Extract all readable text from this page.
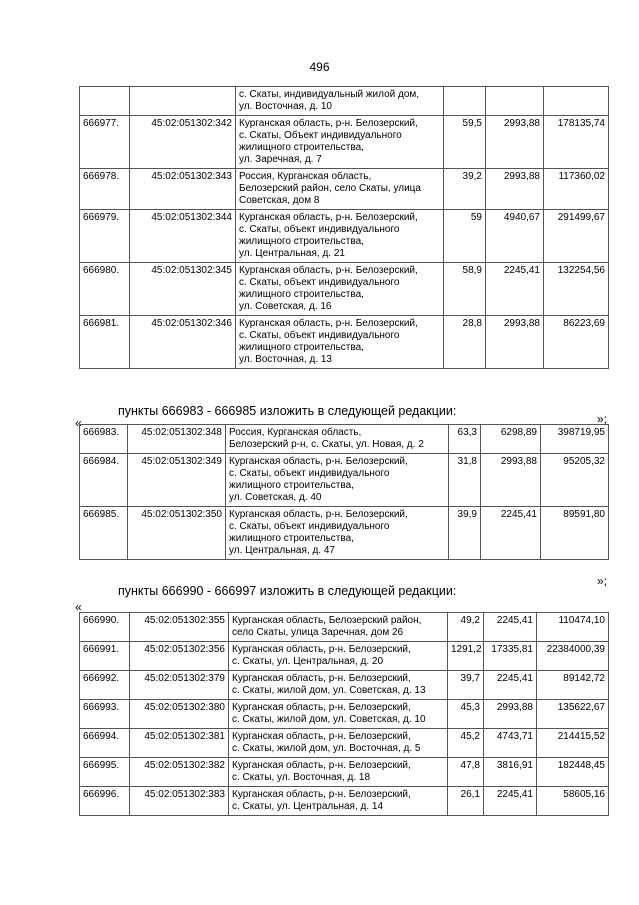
496

		с. Скаты, индивидуальный жилой дом,
ул. Восточная, д. 10			

666977.	45:02:051302:342	Курганская область, р-н. Белозерский,
с. Скаты, Объект индивидуального
жилищного строительства,
ул. Заречная, д. 7	59,5	2993,88	178135,74
666978.	45:02:051302:343	Россия, Курганская область,
Белозерский район, село Скаты, улица
Советская, дом 8	39,2	2993,88	117360,02
666979.	45:02:051302:344	Курганская область, р-н. Белозерский,
с. Скаты, объект индивидуального
жилищного строительства,
ул. Центральная, д. 21	59	4940,67	291499,67
666980.	45:02:051302:345	Курганская область, р-н. Белозерский,
с. Скаты, объект индивидуального
жилищного строительства,
ул. Советская, д. 16	58,9	2245,41	132254,56
666981.	45:02:051302:346	Курганская область, р-н. Белозерский,
с. Скаты, объект индивидуального
жилищного строительства,
ул. Восточная, д. 13	28,8	2993,88	86223,69
»;
пункты 666983 - 666985 изложить в следующей редакции:
«
666983.	45:02:051302:348	Россия, Курганская область,
Белозерский р-н, с. Скаты, ул. Новая, д. 2	63,3	6298,89	398719,95
666984.	45:02:051302:349	Курганская область, р-н. Белозерский,
с. Скаты, объект индивидуального
жилищного строительства,
ул. Советская, д. 40	31,8	2993,88	95205,32
666985.	45:02:051302:350	Курганская область, р-н. Белозерский,
с. Скаты, объект индивидуального
жилищного строительства,
ул. Центральная, д. 47	39,9	2245,41	89591,80
»;
пункты 666990 - 666997 изложить в следующей редакции:
«
666990.	45:02:051302:355	Курганская область, Белозерский район,
село Скаты, улица Заречная, дом 26	49,2	2245,41	110474,10
666991.	45:02:051302:356	Курганская область, р-н. Белозерский,
с. Скаты, ул. Центральная, д. 20	1291,2	17335,81	22384000,39
666992.	45:02:051302:379	Курганская область, р-н. Белозерский,
с. Скаты, жилой дом, ул. Советская, д. 13	39,7	2245,41	89142,72
666993.	45:02:051302:380	Курганская область, р-н. Белозерский,
с. Скаты, жилой дом, ул. Советская, д. 10	45,3	2993,88	135622,67
666994.	45:02:051302:381	Курганская область, р-н. Белозерский,
с. Скаты, жилой дом, ул. Восточная, д. 5	45,2	4743,71	214415,52
666995.	45:02:051302:382	Курганская область, р-н. Белозерский,
с. Скаты, ул. Восточная, д. 18	47,8	3816,91	182448,45
666996.	45:02:051302:383	Курганская область, р-н. Белозерский,
с. Скаты, ул. Центральная, д. 14	26,1	2245,41	58605,16
